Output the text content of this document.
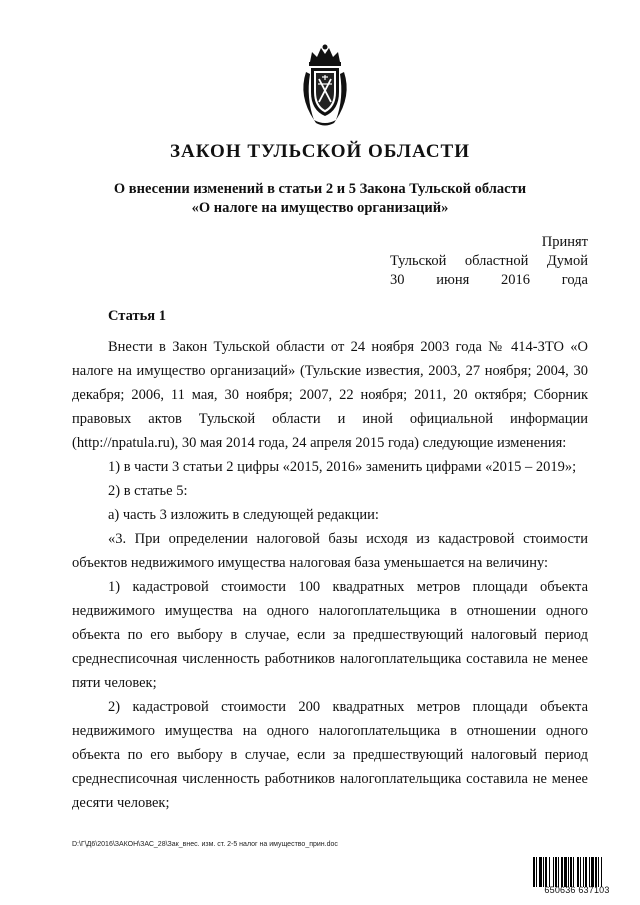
ЗАКОН ТУЛЬСКОЙ ОБЛАСТИ
О внесении изменений в статьи 2 и 5 Закона Тульской области
«О налоге на имущество организаций»
Принят
Тульской областной Думой
30 июня 2016 года

Статья 1

Внести в Закон Тульской области от 24 ноября 2003 года № 414-ЗТО «О налоге на имущество организаций» (Тульские известия, 2003, 27 ноября; 2004, 30 декабря; 2006, 11 мая, 30 ноября; 2007, 22 ноября; 2011, 20 октября; Сборник правовых актов Тульской области и иной официальной информации (http://npatula.ru), 30 мая 2014 года, 24 апреля 2015 года) следующие изменения:

1) в части 3 статьи 2 цифры «2015, 2016» заменить цифрами «2015 – 2019»;

2) в статье 5:

а) часть 3 изложить в следующей редакции:

«3. При определении налоговой базы исходя из кадастровой стоимости объектов недвижимого имущества налоговая база уменьшается на величину:

1) кадастровой стоимости 100 квадратных метров площади объекта недвижимого имущества на одного налогоплательщика в отношении одного объекта по его выбору в случае, если за предшествующий налоговый период среднесписочная численность работников налогоплательщика составила не менее пяти человек;

2) кадастровой стоимости 200 квадратных метров площади объекта недвижимого имущества на одного налогоплательщика в отношении одного объекта по его выбору в случае, если за предшествующий налоговый период среднесписочная численность работников налогоплательщика составила не менее десяти человек;

D:\Г\Д6\2016\ЗАКОН\ЗАС_28\Зак_внес. изм. ст. 2-5 налог на имущество_прин.doc
650636 637103
